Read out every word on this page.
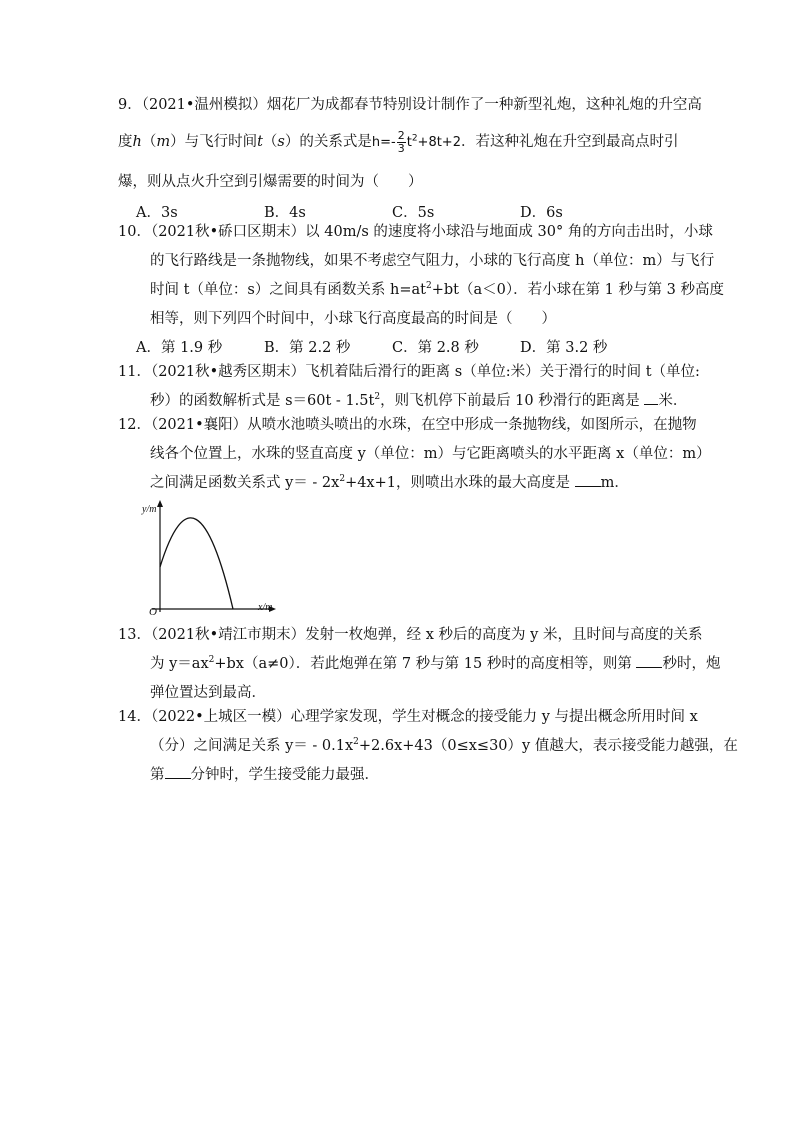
9．（2021•温州模拟）烟花厂为成都春节特别设计制作了一种新型礼炮，这种礼炮的升空高
度h（m）与飞行时间t（s）的关系式是$h=- \frac{2}{3} t^2+8t+2$．若这种礼炮在升空到最高点时引
爆，则从点火升空到引爆需要的时间为（　　）
A．3s	B．4s	C．5s	D．6s
10．（2021秋•硚口区期末）以 40m/s 的速度将小球沿与地面成 30° 角的方向击出时，小球
的飞行路线是一条抛物线，如果不考虑空气阻力，小球的飞行高度 h（单位：m）与飞行
时间 t（单位：s）之间具有函数关系 $h=at^2+bt(a<0)$．若小球在第 1 秒与第 3 秒高度
相等，则下列四个时间中，小球飞行高度最高的时间是（　　）
A．第 1.9 秒	B．第 2.2 秒	C．第 2.8 秒	D．第 3.2 秒
11．（2021秋•越秀区期末）飞机着陆后滑行的距离 s（单位:米）关于滑行的时间 t（单位:
秒）的函数解析式是 $s=60t - 1.5t^2$，则飞机停下前最后 10 秒滑行的距离是 米．
12．（2021•襄阳）从喷水池喷头喷出的水珠，在空中形成一条抛物线，如图所示，在抛物
线各个位置上，水珠的竖直高度 y（单位：m）与它距离喷头的水平距离 x（单位：m）
之间满足函数关系式 $y= - 2x^2+4x+1$，则喷出水珠的最大高度是 m．
y/m
x/m
O
13．（2021秋•靖江市期末）发射一枚炮弹，经 x 秒后的高度为 y 米，且时间与高度的关系
为 $y=ax^2+bx(a\ne 0)$．若此炮弹在第 7 秒与第 15 秒时的高度相等，则第 秒时，炮
弹位置达到最高．
14．（2022•上城区一模）心理学家发现，学生对概念的接受能力 y 与提出概念所用时间 x
（分）之间满足关系 $y= - 0.1x^2+2.6x+43(0\le x\le 30)y$ 值越大，表示接受能力越强，在
第 分钟时，学生接受能力最强．
